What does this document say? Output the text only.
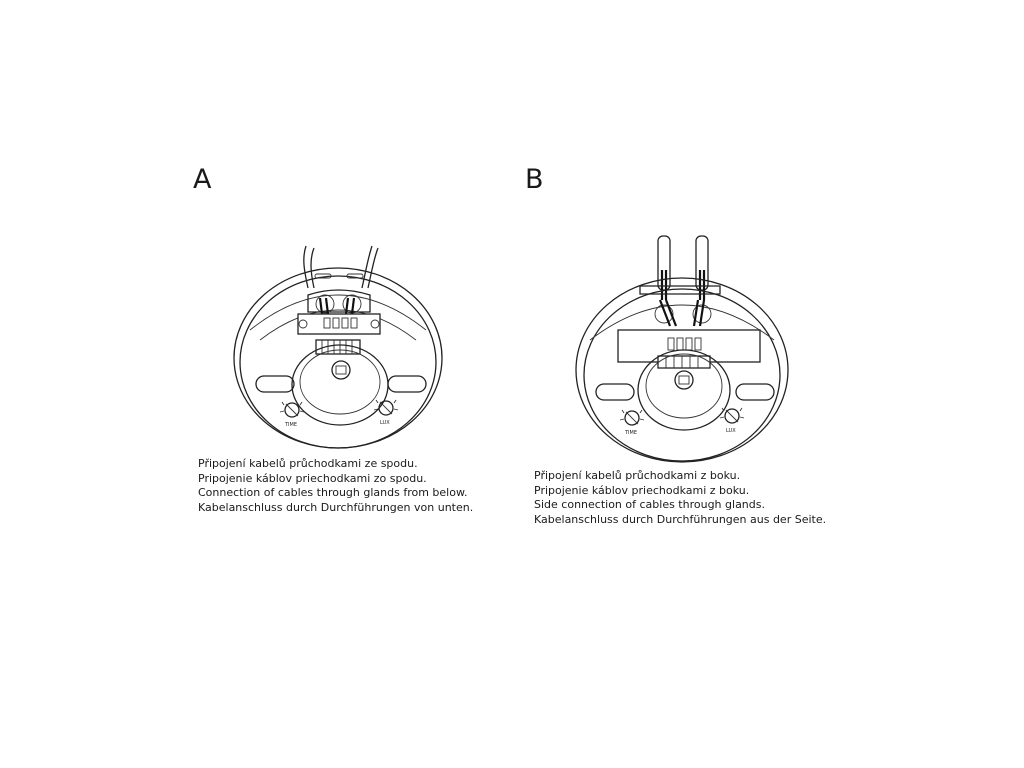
A
TIME	LUX
Připojení kabelů průchodkami ze spodu.
Pripojenie káblov priechodkami zo spodu.
Connection of cables through glands from below.
Kabelanschluss durch Durchführungen von unten.
B
TIME	LUX
Připojení kabelů průchodkami z boku.
Pripojenie káblov priechodkami z boku.
Side connection of cables through glands.
Kabelanschluss durch Durchführungen aus der Seite.
